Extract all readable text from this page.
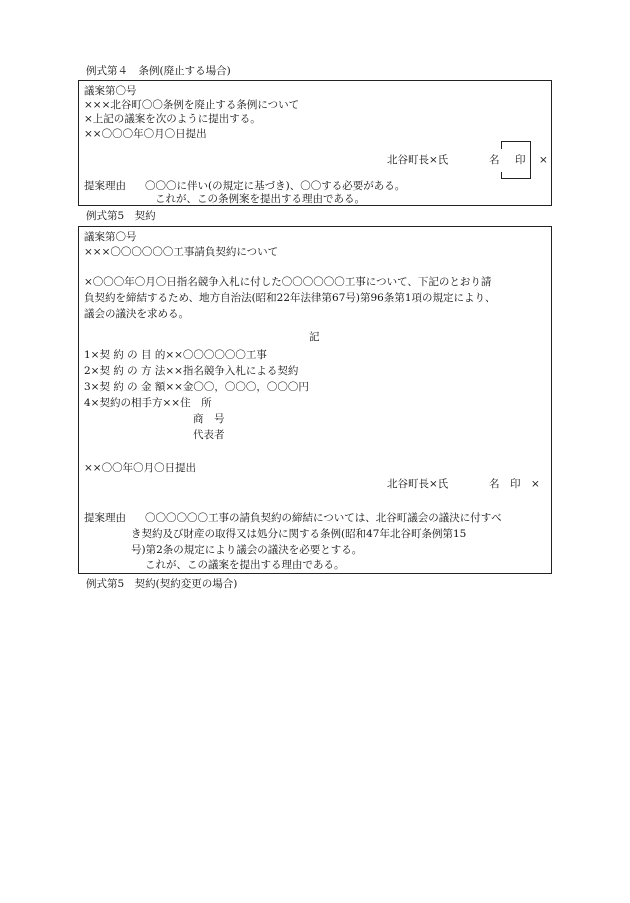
例式第４　条例(廃止する場合)
議案第〇号
×××北谷町〇〇条例を廃止する条例について
×上記の議案を次のように提出する。
××〇〇〇年〇月〇日提出
北谷町長×氏	名 印 ×
提案理由 〇〇〇に伴い(の規定に基づき)、〇〇する必要がある。
これが、この条例案を提出する理由である。
例式第5　契約
議案第〇号
×××〇〇〇〇〇〇工事請負契約について
×〇〇〇年〇月〇日指名競争入札に付した〇〇〇〇〇〇工事について、下記のとおり請
負契約を締結するため、地方自治法(昭和22年法律第67号)第96条第1項の規定により、
議会の議決を求める。
記
1×契 約 の 目 的××〇〇〇〇〇〇工事
2×契 約 の 方 法××指名競争入札による契約
3×契 約 の 金 額××金〇〇，〇〇〇，〇〇〇円
4×契約の相手方××住　所
商　号
代表者
××〇〇年〇月〇日提出
北谷町長×氏	名　印　×
提案理由 〇〇〇〇〇〇工事の請負契約の締結については、北谷町議会の議決に付すべ
き契約及び財産の取得又は処分に関する条例(昭和47年北谷町条例第15
号)第2条の規定により議会の議決を必要とする。
これが、この議案を提出する理由である。
例式第5　契約(契約変更の場合)
